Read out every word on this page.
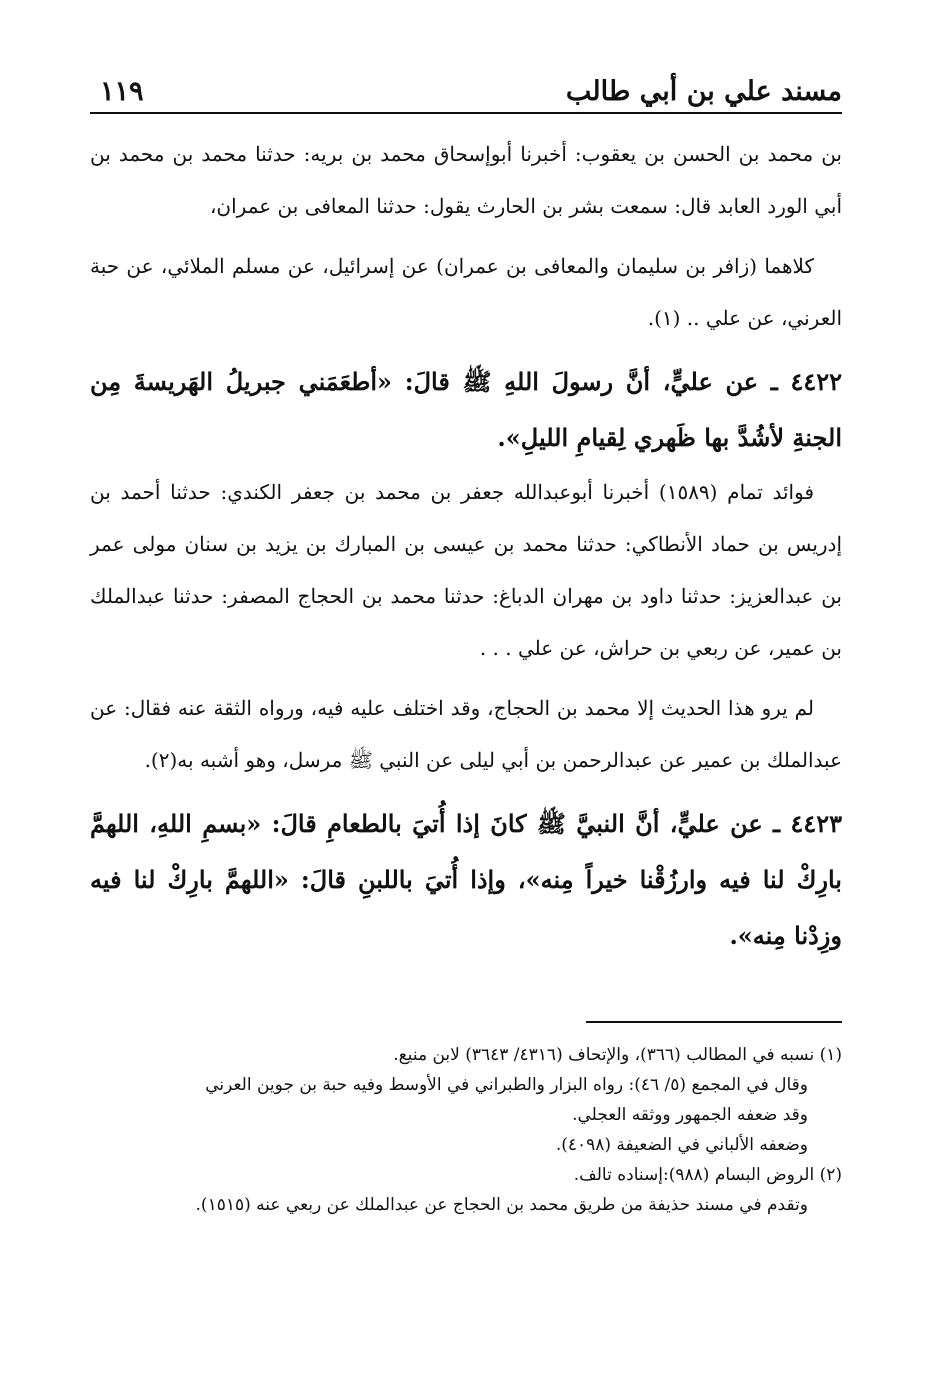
مسند علي بن أبي طالب
١١٩

بن محمد بن الحسن بن يعقوب: أخبرنا أبوإسحاق محمد بن بريه: حدثنا محمد بن محمد بن أبي الورد العابد قال: سمعت بشر بن الحارث يقول: حدثنا المعافى بن عمران،

كلاهما (زافر بن سليمان والمعافى بن عمران) عن إسرائيل، عن مسلم الملائي، عن حبة العرني، عن علي .. (١).

٤٤٢٢ ـ عن عليٍّ، أنَّ رسولَ اللهِ ﷺ قالَ: «أطعَمَني جبريلُ الهَريسةَ مِن الجنةِ لأشُدَّ بها ظَهري لِقيامِ الليلِ».

فوائد تمام (١٥٨٩) أخبرنا أبوعبدالله جعفر بن محمد بن جعفر الكندي: حدثنا أحمد بن إدريس بن حماد الأنطاكي: حدثنا محمد بن عيسى بن المبارك بن يزيد بن سنان مولى عمر بن عبدالعزيز: حدثنا داود بن مهران الدباغ: حدثنا محمد بن الحجاج المصفر: حدثنا عبدالملك بن عمير، عن ربعي بن حراش، عن علي . . .

لم يرو هذا الحديث إلا محمد بن الحجاج، وقد اختلف عليه فيه، ورواه الثقة عنه فقال: عن عبدالملك بن عمير عن عبدالرحمن بن أبي ليلى عن النبي ﷺ مرسل، وهو أشبه به(٢).

٤٤٢٣ ـ عن عليٍّ، أنَّ النبيَّ ﷺ كانَ إذا أُتيَ بالطعامِ قالَ: «بسمِ اللهِ، اللهمَّ بارِكْ لنا فيه وارزُقْنا خيراً مِنه»، وإذا أُتيَ باللبنِ قالَ: «اللهمَّ بارِكْ لنا فيه وزِدْنا مِنه».

(١) نسبه في المطالب (٣٦٦)، والإتحاف (٤٣١٦/ ٣٦٤٣) لابن منيع.

وقال في المجمع (٥/ ٤٦): رواه البزار والطبراني في الأوسط وفيه حبة بن جوين العرني

وقد ضعفه الجمهور ووثقه العجلي.

وضعفه الألباني في الضعيفة (٤٠٩٨).

(٢) الروض البسام (٩٨٨):إسناده تالف.

وتقدم في مسند حذيفة من طريق محمد بن الحجاج عن عبدالملك عن ربعي عنه (١٥١٥).
